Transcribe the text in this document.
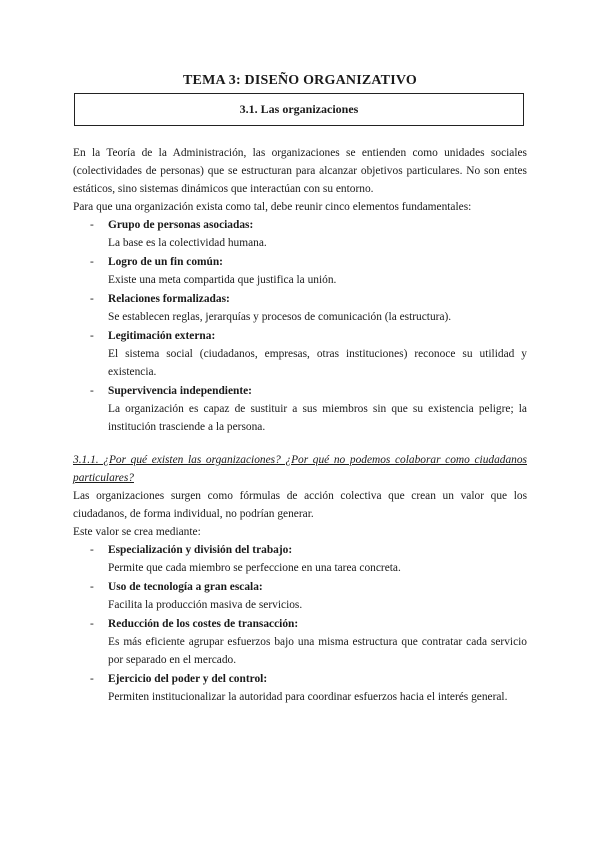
TEMA 3: DISEÑO ORGANIZATIVO
3.1. Las organizaciones

En la Teoría de la Administración, las organizaciones se entienden como unidades sociales (colectividades de personas) que se estructuran para alcanzar objetivos particulares. No son entes estáticos, sino sistemas dinámicos que interactúan con su entorno.

Para que una organización exista como tal, debe reunir cinco elementos fundamentales:

- Grupo de personas asociadas:
La base es la colectividad humana.
- Logro de un fin común:
Existe una meta compartida que justifica la unión.
- Relaciones formalizadas:
Se establecen reglas, jerarquías y procesos de comunicación (la estructura).
- Legitimación externa:
El sistema social (ciudadanos, empresas, otras instituciones) reconoce su utilidad y existencia.
- Supervivencia independiente:
La organización es capaz de sustituir a sus miembros sin que su existencia peligre; la institución trasciende a la persona.

3.1.1. ¿Por qué existen las organizaciones? ¿Por qué no podemos colaborar como ciudadanos particulares?

Las organizaciones surgen como fórmulas de acción colectiva que crean un valor que los ciudadanos, de forma individual, no podrían generar.

Este valor se crea mediante:

- Especialización y división del trabajo:
Permite que cada miembro se perfeccione en una tarea concreta.
- Uso de tecnología a gran escala:
Facilita la producción masiva de servicios.
- Reducción de los costes de transacción:
Es más eficiente agrupar esfuerzos bajo una misma estructura que contratar cada servicio por separado en el mercado.
- Ejercicio del poder y del control:
Permiten institucionalizar la autoridad para coordinar esfuerzos hacia el interés general.
